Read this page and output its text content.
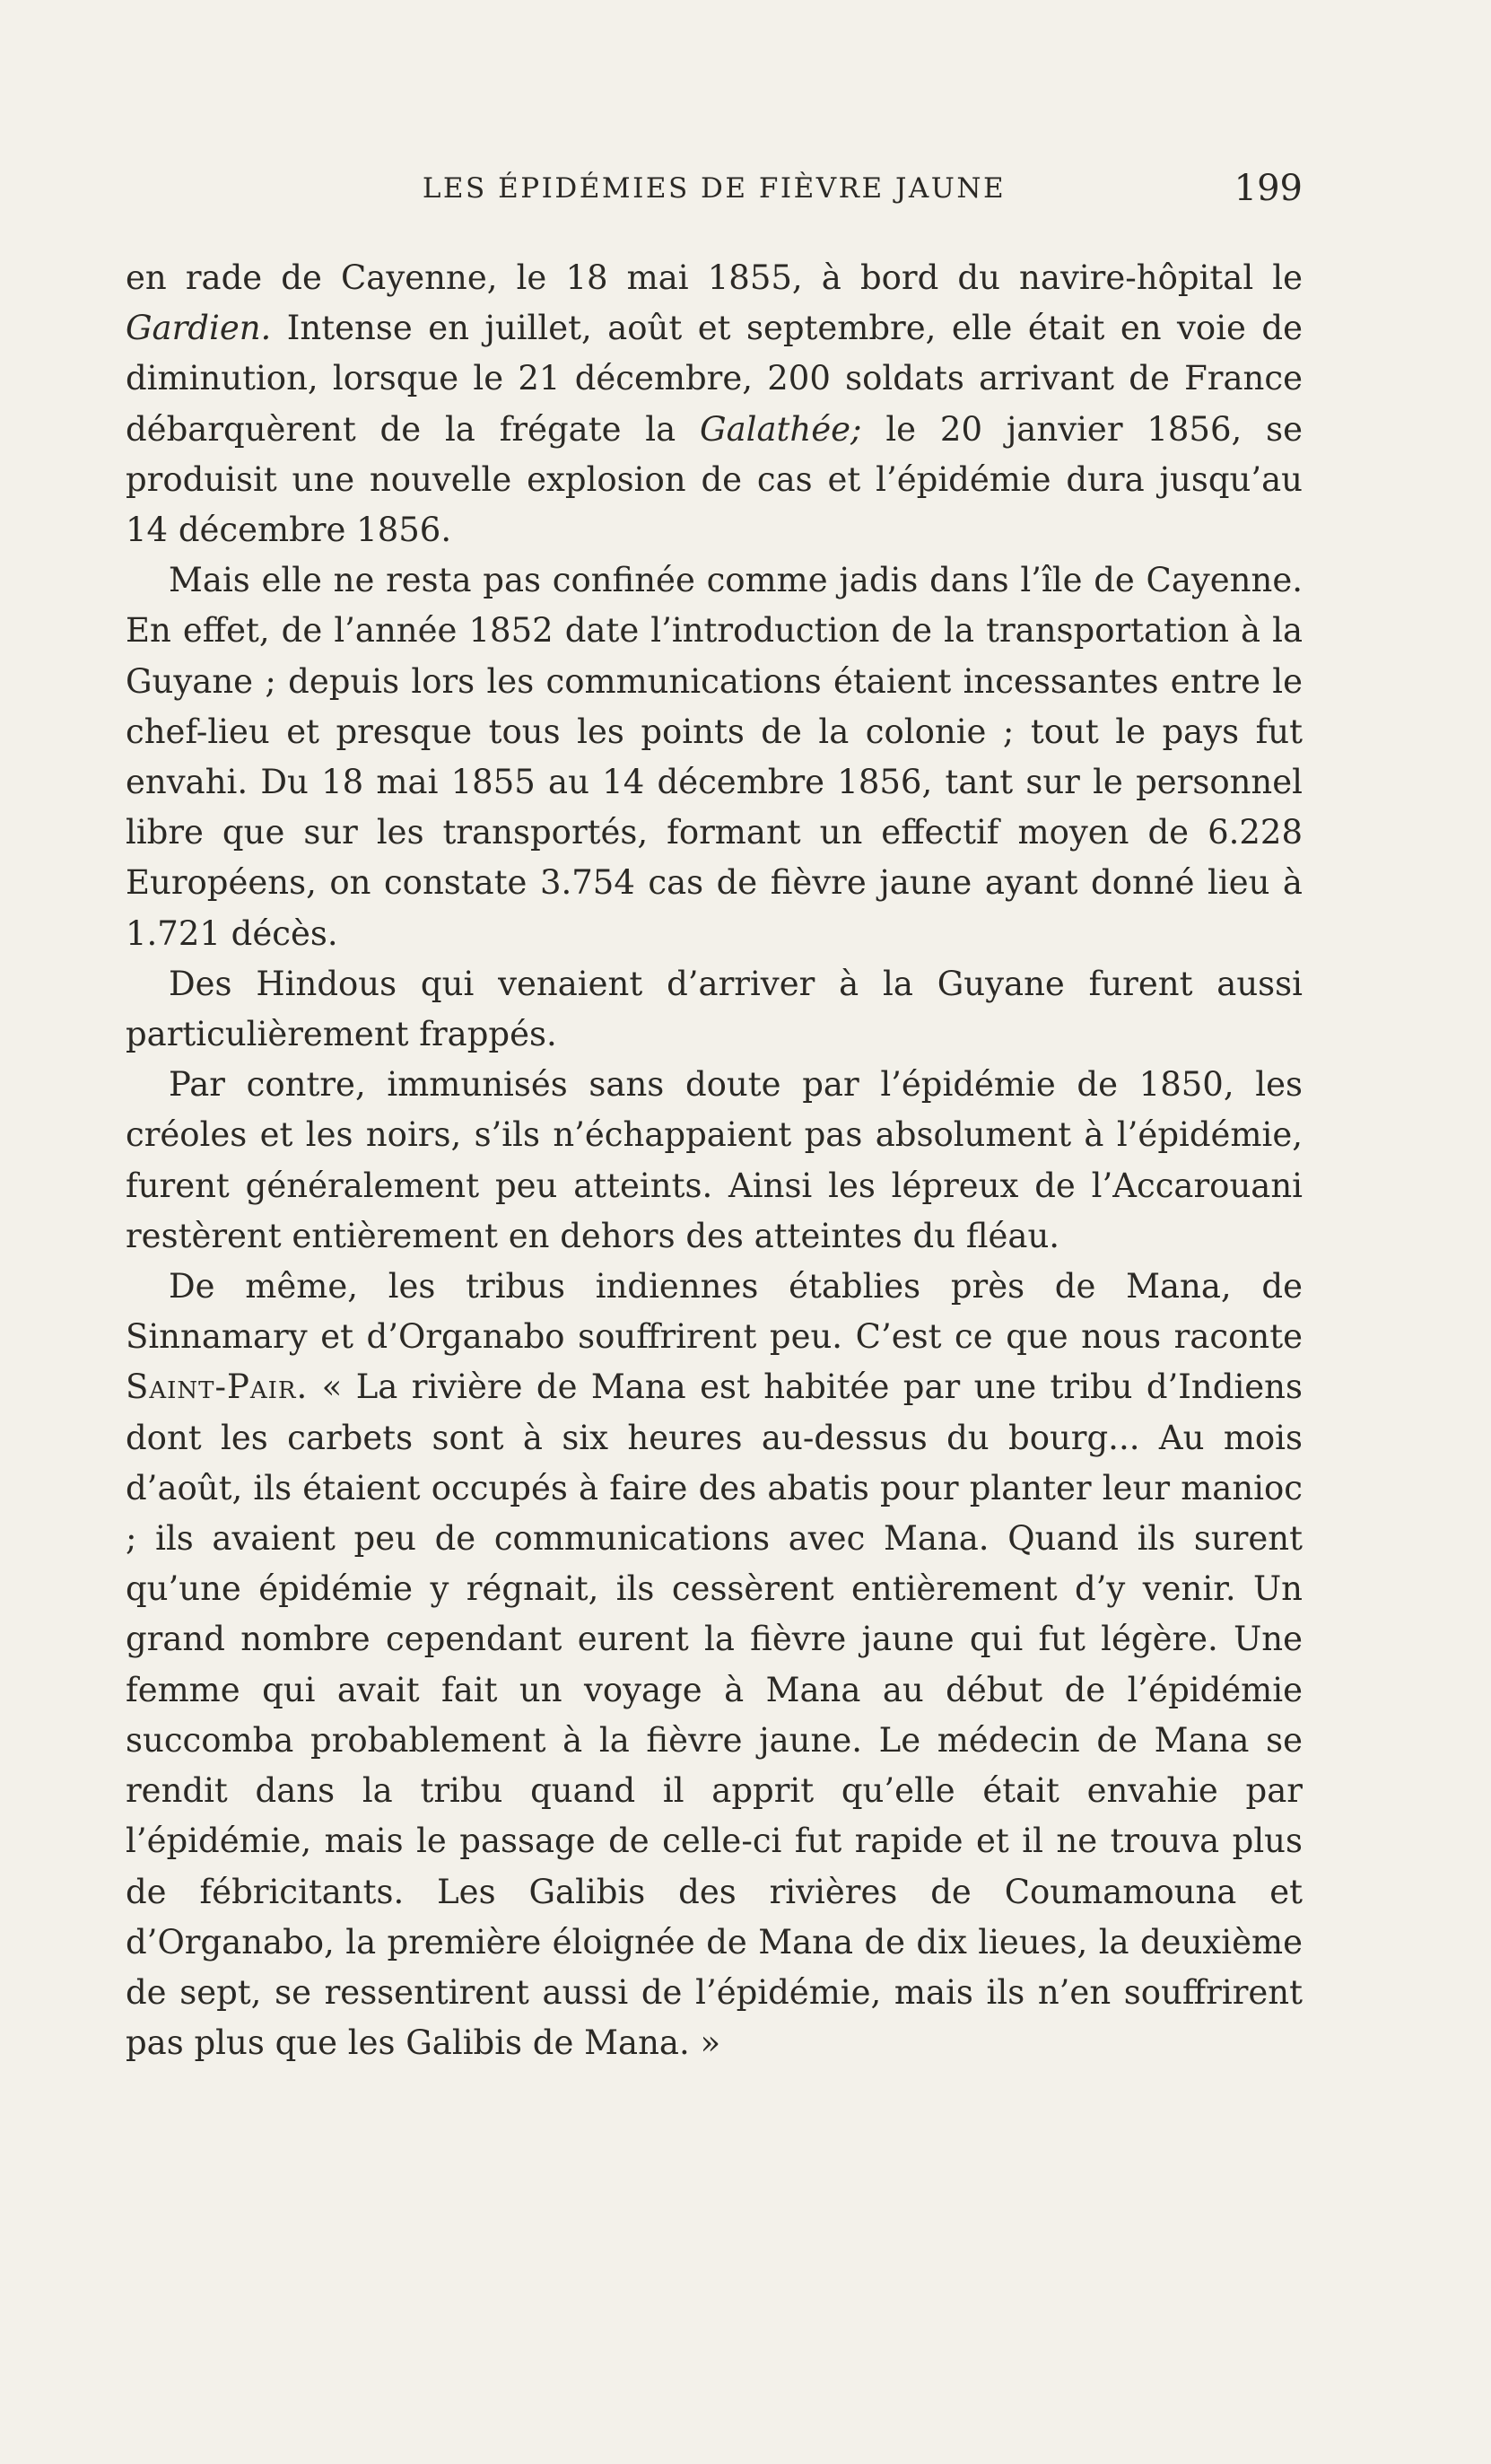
LES ÉPIDÉMIES DE FIÈVRE JAUNE	199

en rade de Cayenne, le 18 mai 1855, à bord du navire-hôpital le Gardien. Intense en juillet, août et septembre, elle était en voie de diminution, lorsque le 21 décembre, 200 soldats arrivant de France débarquèrent de la frégate la Galathée; le 20 janvier 1856, se produisit une nouvelle explosion de cas et l’épidémie dura jusqu’au 14 décembre 1856.

Mais elle ne resta pas confinée comme jadis dans l’île de Cayenne. En effet, de l’année 1852 date l’introduction de la transportation à la Guyane ; depuis lors les communications étaient incessantes entre le chef-lieu et presque tous les points de la colonie ; tout le pays fut envahi. Du 18 mai 1855 au 14 décembre 1856, tant sur le personnel libre que sur les transportés, formant un effectif moyen de 6.228 Européens, on constate 3.754 cas de fièvre jaune ayant donné lieu à 1.721 décès.

Des Hindous qui venaient d’arriver à la Guyane furent aussi particulièrement frappés.

Par contre, immunisés sans doute par l’épidémie de 1850, les créoles et les noirs, s’ils n’échappaient pas absolument à l’épidémie, furent généralement peu atteints. Ainsi les lépreux de l’Accarouani restèrent entièrement en dehors des atteintes du fléau.

De même, les tribus indiennes établies près de Mana, de Sinnamary et d’Organabo souffrirent peu. C’est ce que nous raconte Saint-Pair. « La rivière de Mana est habitée par une tribu d’Indiens dont les carbets sont à six heures au-dessus du bourg... Au mois d’août, ils étaient occupés à faire des abatis pour planter leur manioc ; ils avaient peu de communications avec Mana. Quand ils surent qu’une épidémie y régnait, ils cessèrent entièrement d’y venir. Un grand nombre cependant eurent la fièvre jaune qui fut légère. Une femme qui avait fait un voyage à Mana au début de l’épidémie succomba probablement à la fièvre jaune. Le médecin de Mana se rendit dans la tribu quand il apprit qu’elle était envahie par l’épidémie, mais le passage de celle-ci fut rapide et il ne trouva plus de fébricitants. Les Galibis des rivières de Coumamouna et d’Organabo, la première éloignée de Mana de dix lieues, la deuxième de sept, se ressentirent aussi de l’épidémie, mais ils n’en souffrirent pas plus que les Galibis de Mana. »
